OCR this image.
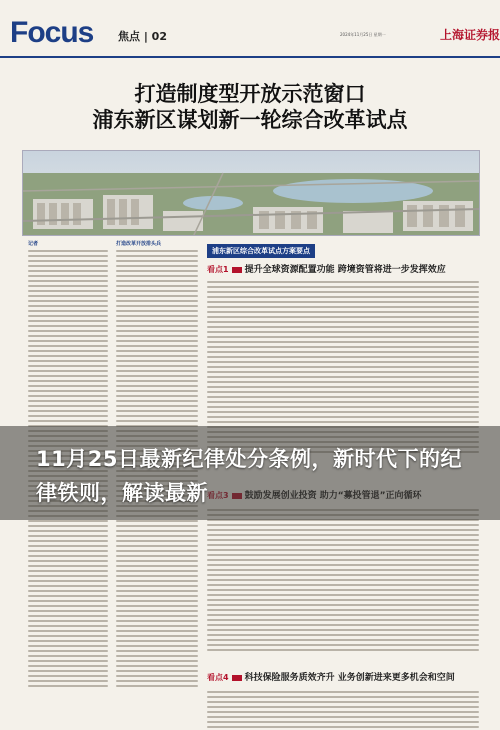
Focus 焦点 | 02	2024年11月25日 星期一	上海证券报
打造制度型开放示范窗口
浦东新区谋划新一轮综合改革试点
记者	打造改革开放排头兵
浦东新区综合改革试点方案要点
看点1 提升全球资源配置功能 跨境资管将进一步发挥效应
看点4 科技保险服务质效齐升 业务创新进来更多机会和空间
11月25日最新纪律处分条例，新时代下的纪律铁则，解读最新
